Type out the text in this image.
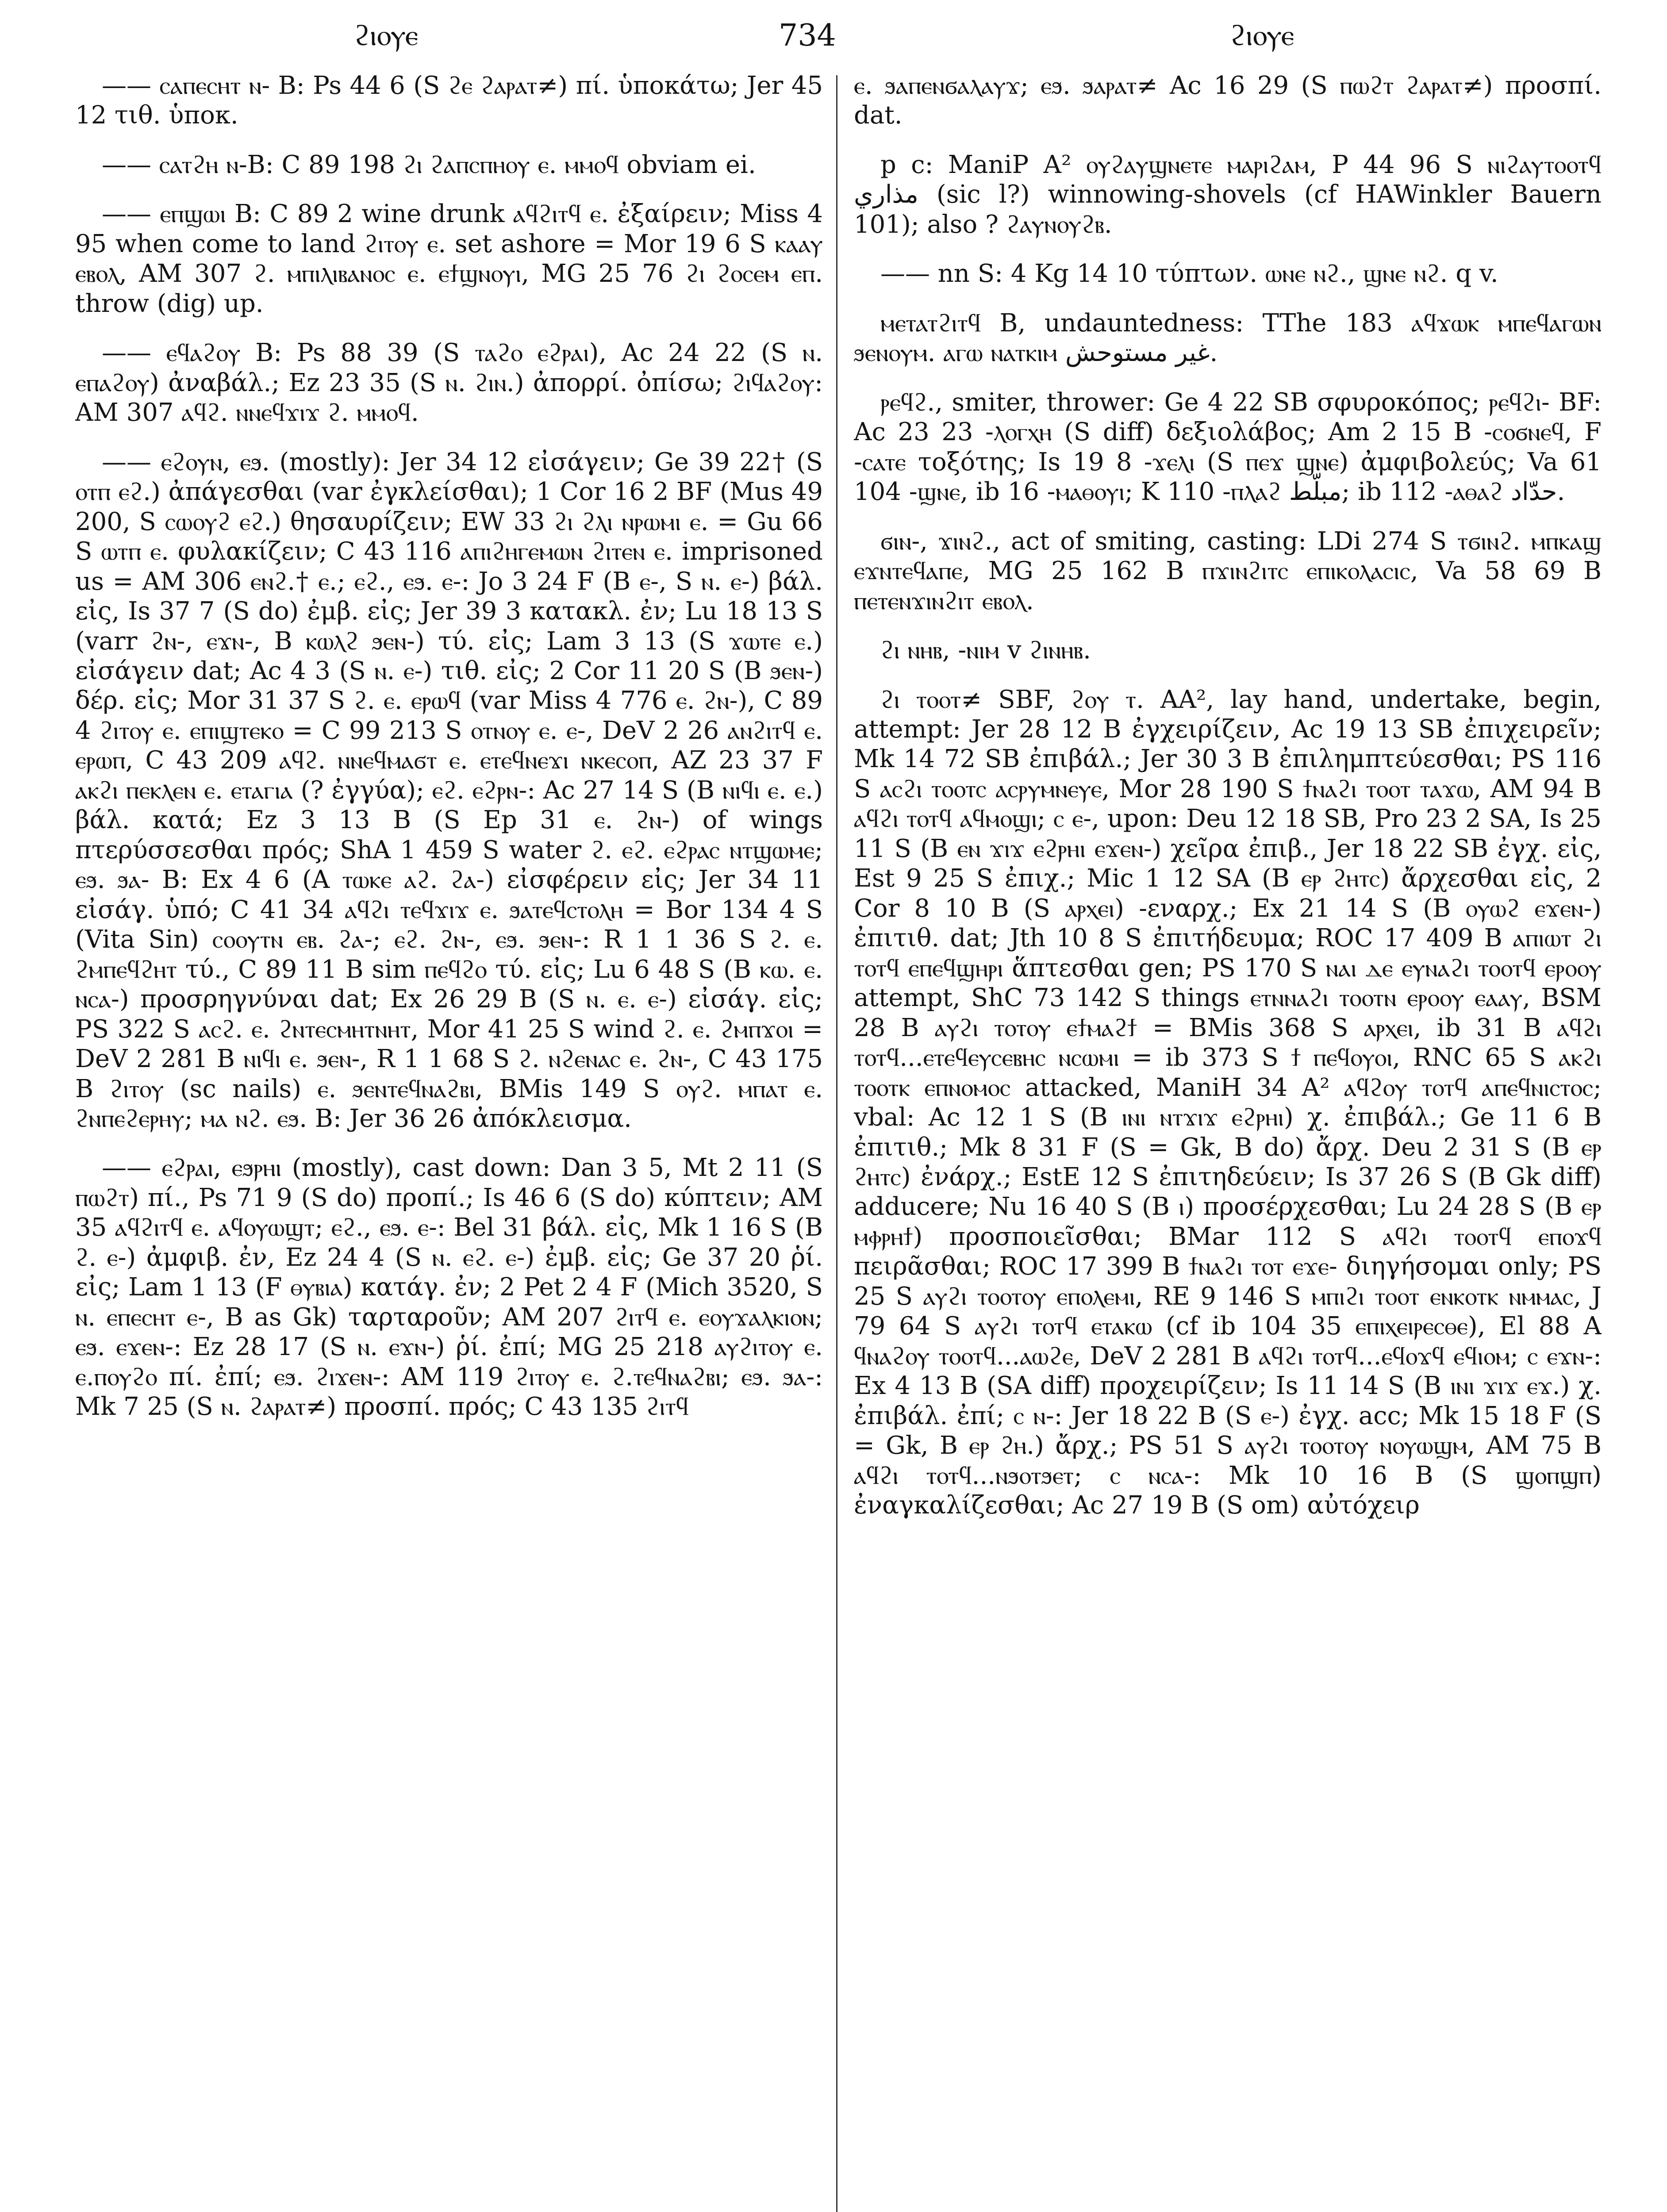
ϩⲓⲟⲩⲉ	734	ϩⲓⲟⲩⲉ

—— ⲥⲁⲡⲉⲥⲏⲧ ⲛ- B: Ps 44 6 (S ϩⲉ ϩⲁⲣⲁⲧ≠) πί. ὑποκάτω; Jer 45 12 τιθ. ὑποκ.

—— ⲥⲁⲧϩⲏ ⲛ-B: C 89 198 ϩⲓ ϩⲁⲡⲥⲡⲏⲟⲩ ⲉ. ⲙⲙⲟϥ obviam ei.

—— ⲉⲡϣⲱⲓ B: C 89 2 wine drunk ⲁϥϩⲓⲧϥ ⲉ. ἐξαίρειν; Miss 4 95 when come to land ϩⲓⲧⲟⲩ ⲉ. set ashore = Mor 19 6 S ⲕⲁⲁⲩ ⲉⲃⲟⲗ, AM 307 ϩ. ⲙⲡⲓⲗⲓⲃⲁⲛⲟⲥ ⲉ. ⲉϯϣⲛⲟⲩⲓ, MG 25 76 ϩⲓ ϩⲟⲥⲉⲙ ⲉⲡ. throw (dig) up.

—— ⲉϥⲁϩⲟⲩ B: Ps 88 39 (S ⲧⲁϩⲟ ⲉϩⲣⲁⲓ), Ac 24 22 (S ⲛ. ⲉⲡⲁϩⲟⲩ) ἀναβάλ.; Ez 23 35 (S ⲛ. ϩⲓⲛ.) ἀπορρί. ὀπίσω; ϩⲓϥⲁϩⲟⲩ: AM 307 ⲁϥϩ. ⲛⲛⲉϥϫⲓϫ ϩ. ⲙⲙⲟϥ.

—— ⲉϩⲟⲩⲛ, ⲉϧ. (mostly): Jer 34 12 εἰσάγειν; Ge 39 22† (S ⲟⲧⲡ ⲉϩ.) ἀπάγεσθαι (var ἐγκλείσθαι); 1 Cor 16 2 BF (Mus 49 200, S ⲥⲱⲟⲩϩ ⲉϩ.) θησαυρίζειν; EW 33 ϩⲓ ϩⲗⲓ ⲛⲣⲱⲙⲓ ⲉ. = Gu 66 S ⲱⲧⲡ ⲉ. φυλακίζειν; C 43 116 ⲁⲡⲓϩⲏⲅⲉⲙⲱⲛ ϩⲓⲧⲉⲛ ⲉ. imprisoned us = AM 306 ⲉⲛϩ.† ⲉ.; ⲉϩ., ⲉϧ. ⲉ-: Jo 3 24 F (B ⲉ-, S ⲛ. ⲉ-) βάλ. εἰς, Is 37 7 (S do) ἐμβ. εἰς; Jer 39 3 κατακλ. ἐν; Lu 18 13 S (varr ϩⲛ-, ⲉϫⲛ-, B ⲕⲱⲗϩ ϧⲉⲛ-) τύ. εἰς; Lam 3 13 (S ϫⲱⲧⲉ ⲉ.) εἰσάγειν dat; Ac 4 3 (S ⲛ. ⲉ-) τιθ. εἰς; 2 Cor 11 20 S (B ϧⲉⲛ-) δέρ. εἰς; Mor 31 37 S ϩ. ⲉ. ⲉⲣⲱϥ (var Miss 4 776 ⲉ. ϩⲛ-), C 89 4 ϩⲓⲧⲟⲩ ⲉ. ⲉⲡⲓϣⲧⲉⲕⲟ = C 99 213 S ⲟⲧⲛⲟⲩ ⲉ. ⲉ-, DeV 2 26 ⲁⲛϩⲓⲧϥ ⲉ. ⲉⲣⲱⲡ, C 43 209 ⲁϥϩ. ⲛⲛⲉϥⲙⲁϭⲧ ⲉ. ⲉⲧⲉϥⲛⲉϫⲓ ⲛⲕⲉⲥⲟⲡ, AZ 23 37 F ⲁⲕϩⲓ ⲡⲉⲕⲗⲉⲛ ⲉ. ⲉⲧⲁⲅⲓⲁ (? ἐγγύα); ⲉϩ. ⲉϩⲣⲛ-: Ac 27 14 S (B ⲛⲓϥⲓ ⲉ. ⲉ.) βάλ. κατά; Ez 3 13 B (S Ep 31 ⲉ. ϩⲛ-) of wings πτερύσσεσθαι πρός; ShA 1 459 S water ϩ. ⲉϩ. ⲉϩⲣⲁⲥ ⲛⲧϣⲱⲙⲉ; ⲉϧ. ϧⲁ- B: Ex 4 6 (A ⲧⲱⲕⲉ ⲁϩ. ϩⲁ-) εἰσφέρειν εἰς; Jer 34 11 εἰσάγ. ὑπό; C 41 34 ⲁϥϩⲓ ⲧⲉϥϫⲓϫ ⲉ. ϧⲁⲧⲉϥⲥⲧⲟⲗⲏ = Bor 134 4 S (Vita Sin) ⲥⲟⲟⲩⲧⲛ ⲉⲃ. ϩⲁ-; ⲉϩ. ϩⲛ-, ⲉϧ. ϧⲉⲛ-: R 1 1 36 S ϩ. ⲉ. ϩⲙⲡⲉϥϩⲏⲧ τύ., C 89 11 B sim ⲡⲉϥϩⲟ τύ. εἰς; Lu 6 48 S (B ⲕⲱ. ⲉ. ⲛⲥⲁ-) προσρηγνύναι dat; Ex 26 29 B (S ⲛ. ⲉ. ⲉ-) εἰσάγ. εἰς; PS 322 S ⲁⲥϩ. ⲉ. ϩⲛⲧⲉⲥⲙⲏⲧⲛⲏⲧ, Mor 41 25 S wind ϩ. ⲉ. ϩⲙⲡϫⲟⲓ = DeV 2 281 B ⲛⲓϥⲓ ⲉ. ϧⲉⲛ-, R 1 1 68 S ϩ. ⲛϩⲉⲛⲁⲥ ⲉ. ϩⲛ-, C 43 175 B ϩⲓⲧⲟⲩ (sc nails) ⲉ. ϧⲉⲛⲧⲉϥⲛⲁϩⲃⲓ, BMis 149 S ⲟⲩϩ. ⲙⲡⲁⲧ ⲉ. ϩⲛⲡⲉϩⲉⲣⲏⲩ; ⲙⲁ ⲛϩ. ⲉϧ. B: Jer 36 26 ἀπόκλεισμα.

—— ⲉϩⲣⲁⲓ, ⲉϧⲣⲏⲓ (mostly), cast down: Dan 3 5, Mt 2 11 (S ⲡⲱϩⲧ) πί., Ps 71 9 (S do) προπί.; Is 46 6 (S do) κύπτειν; AM 35 ⲁϥϩⲓⲧϥ ⲉ. ⲁϥⲟⲩⲱϣⲧ; ⲉϩ., ⲉϧ. ⲉ-: Bel 31 βάλ. εἰς, Mk 1 16 S (B ϩ. ⲉ-) ἀμφιβ. ἐν, Ez 24 4 (S ⲛ. ⲉϩ. ⲉ-) ἐμβ. εἰς; Ge 37 20 ῥί. εἰς; Lam 1 13 (F ⲑⲩⲃⲓⲁ) κατάγ. ἐν; 2 Pet 2 4 F (Mich 3520, S ⲛ. ⲉⲡⲉⲥⲏⲧ ⲉ-, B as Gk) ταρταροῦν; AM 207 ϩⲓⲧϥ ⲉ. ⲉⲟⲩϫⲁⲗⲕⲓⲟⲛ; ⲉϧ. ⲉϫⲉⲛ-: Ez 28 17 (S ⲛ. ⲉϫⲛ-) ῥί. ἐπί; MG 25 218 ⲁⲩϩⲓⲧⲟⲩ ⲉ. ⲉ.ⲡⲟⲩϩⲟ πί. ἐπί; ⲉϧ. ϩⲓϫⲉⲛ-: AM 119 ϩⲓⲧⲟⲩ ⲉ. ϩ.ⲧⲉϥⲛⲁϩⲃⲓ; ⲉϧ. ϧⲁ-: Mk 7 25 (S ⲛ. ϩⲁⲣⲁⲧ≠) προσπί. πρός; C 43 135 ϩⲓⲧϥ

ⲉ. ϧⲁⲡⲉⲛϭⲁⲗⲁⲩϫ; ⲉϧ. ϧⲁⲣⲁⲧ≠ Ac 16 29 (S ⲡⲱϩⲧ ϩⲁⲣⲁⲧ≠) προσπί. dat.

p c: ManiP A² ⲟⲩϩⲁⲩϣⲛⲉⲧⲉ ⲙⲁⲣⲓϩⲁⲙ, P 44 96 S ⲛⲓϩⲁⲩⲧⲟⲟⲧϥ مذاري (sic l?) winnowing-shovels (cf HAWinkler Bauern 101); also ? ϩⲁⲩⲛⲟⲩϩⲃ.

—— nn S: 4 Kg 14 10 τύπτων. ⲱⲛⲉ ⲛϩ., ϣⲛⲉ ⲛϩ. q v.

ⲙⲉⲧⲁⲧϩⲓⲧϥ B, undauntedness: TThe 183 ⲁϥϫⲱⲕ ⲙⲡⲉϥⲁⲅⲱⲛ ϧⲉⲛⲟⲩⲙ. ⲁⲅⲱ ⲛⲁⲧⲕⲓⲙ غير مستوحش.

ⲣⲉϥϩ., smiter, thrower: Ge 4 22 SB σφυροκόπος; ⲣⲉϥϩⲓ- BF: Ac 23 23 -ⲗⲟⲅⲭⲏ (S diff) δεξιολάβος; Am 2 15 B -ⲥⲟϭⲛⲉϥ, F -ⲥⲁⲧⲉ τοξότης; Is 19 8 -ϫⲉⲗⲓ (S ⲡⲉϫ ϣⲛⲉ) ἀμφιβολεύς; Va 61 104 -ϣⲛⲉ, ib 16 -ⲙⲁⲑⲟⲩⲓ; K 110 -ⲡⲗⲁϩ مبلّط; ib 112 -ⲁⲑⲁϩ حدّاد.

ϭⲓⲛ-, ϫⲓⲛϩ., act of smiting, casting: LDi 274 S ⲧϭⲓⲛϩ. ⲙⲡⲕⲁϣ ⲉϫⲛⲧⲉϥⲁⲡⲉ, MG 25 162 B ⲡϫⲓⲛϩⲓⲧⲥ ⲉⲡⲓⲕⲟⲗⲁⲥⲓⲥ, Va 58 69 B ⲡⲉⲧⲉⲛϫⲓⲛϩⲓⲧ ⲉⲃⲟⲗ.

ϩⲓ ⲛⲏⲃ, -ⲛⲓⲙ v ϩⲓⲛⲏⲃ.

ϩⲓ ⲧⲟⲟⲧ≠ SBF, ϩⲟⲩ ⲧ. AA², lay hand, undertake, begin, attempt: Jer 28 12 B ἐγχειρίζειν, Ac 19 13 SB ἐπιχειρεῖν; Mk 14 72 SB ἐπιβάλ.; Jer 30 3 B ἐπιλημπτεύεσθαι; PS 116 S ⲁⲥϩⲓ ⲧⲟⲟⲧⲥ ⲁⲥⲣⲩⲙⲛⲉⲩⲉ, Mor 28 190 S ϯⲛⲁϩⲓ ⲧⲟⲟⲧ ⲧⲁϫⲱ, AM 94 B ⲁϥϩⲓ ⲧⲟⲧϥ ⲁϥⲙⲟϣⲓ; ⲥ ⲉ-, upon: Deu 12 18 SB, Pro 23 2 SA, Is 25 11 S (B ⲉⲛ ϫⲓϫ ⲉϩⲣⲏⲓ ⲉϫⲉⲛ-) χεῖρα ἐπιβ., Jer 18 22 SB ἐγχ. εἰς, Est 9 25 S ἐπιχ.; Mic 1 12 SA (B ⲉⲣ ϩⲏⲧⲥ) ἄρχεσθαι εἰς, 2 Cor 8 10 B (S ⲁⲣⲭⲉⲓ) -εναρχ.; Ex 21 14 S (B ⲟⲩⲱϩ ⲉϫⲉⲛ-) ἐπιτιθ. dat; Jth 10 8 S ἐπιτήδευμα; ROC 17 409 B ⲁⲡⲓⲱⲧ ϩⲓ ⲧⲟⲧϥ ⲉⲡⲉϥϣⲏⲣⲓ ἅπτεσθαι gen; PS 170 S ⲛⲁⲓ ⲇⲉ ⲉⲩⲛⲁϩⲓ ⲧⲟⲟⲧϥ ⲉⲣⲟⲟⲩ attempt, ShC 73 142 S things ⲉⲧⲛⲛⲁϩⲓ ⲧⲟⲟⲧⲛ ⲉⲣⲟⲟⲩ ⲉⲁⲁⲩ, BSM 28 B ⲁⲩϩⲓ ⲧⲟⲧⲟⲩ ⲉϯⲙⲁϩϯ = BMis 368 S ⲁⲣⲭⲉⲓ, ib 31 B ⲁϥϩⲓ ⲧⲟⲧϥ...ⲉⲧⲉϥⲉⲩⲥⲉⲃⲏⲥ ⲛⲥⲱⲙⲓ = ib 373 S ϯ ⲡⲉϥⲟⲩⲟⲓ, RNC 65 S ⲁⲕϩⲓ ⲧⲟⲟⲧⲕ ⲉⲡⲛⲟⲙⲟⲥ attacked, ManiH 34 A² ⲁϥϩⲟⲩ ⲧⲟⲧϥ ⲁⲡⲉϥⲛⲓⲥⲧⲟⲥ; vbal: Ac 12 1 S (B ⲓⲛⲓ ⲛⲧϫⲓϫ ⲉϩⲣⲏⲓ) χ. ἐπιβάλ.; Ge 11 6 B ἐπιτιθ.; Mk 8 31 F (S = Gk, B do) ἄρχ. Deu 2 31 S (B ⲉⲣ ϩⲏⲧⲥ) ἐνάρχ.; EstE 12 S ἐπιτηδεύειν; Is 37 26 S (B Gk diff) adducere; Nu 16 40 S (B ⲓ) προσέρχεσθαι; Lu 24 28 S (B ⲉⲣ ⲙⲫⲣⲏϯ) προσποιεῖσθαι; BMar 112 S ⲁϥϩⲓ ⲧⲟⲟⲧϥ ⲉⲡⲟϫϥ πειρᾶσθαι; ROC 17 399 B ϯⲛⲁϩⲓ ⲧⲟⲧ ⲉϫⲉ- διηγήσομαι only; PS 25 S ⲁⲩϩⲓ ⲧⲟⲟⲧⲟⲩ ⲉⲡⲟⲗⲉⲙⲓ, RE 9 146 S ⲙⲡⲓϩⲓ ⲧⲟⲟⲧ ⲉⲛⲕⲟⲧⲕ ⲛⲙⲙⲁⲥ, J 79 64 S ⲁⲩϩⲓ ⲧⲟⲧϥ ⲉⲧⲁⲕⲱ (cf ib 104 35 ⲉⲡⲓⲭⲉⲓⲣⲉⲥⲑⲉ), El 88 A ϥⲛⲁϩⲟⲩ ⲧⲟⲟⲧϥ...ⲁⲱϩⲉ, DeV 2 281 B ⲁϥϩⲓ ⲧⲟⲧϥ...ⲉϥⲟϫϥ ⲉϥⲓⲟⲙ; ⲥ ⲉϫⲛ-: Ex 4 13 B (SA diff) προχειρίζειν; Is 11 14 S (B ⲓⲛⲓ ϫⲓϫ ⲉϫ.) χ. ἐπιβάλ. ἐπί; ⲥ ⲛ-: Jer 18 22 B (S ⲉ-) ἐγχ. acc; Mk 15 18 F (S = Gk, B ⲉⲣ ϩⲏ.) ἄρχ.; PS 51 S ⲁⲩϩⲓ ⲧⲟⲟⲧⲟⲩ ⲛⲟⲩⲱϣⲙ, AM 75 B ⲁϥϩⲓ ⲧⲟⲧϥ...ⲛϧⲟⲧϧⲉⲧ; ⲥ ⲛⲥⲁ-: Mk 10 16 B (S ϣⲟⲡϣⲡ) ἐναγκαλίζεσθαι; Ac 27 19 B (S om) αὐτόχειρ
